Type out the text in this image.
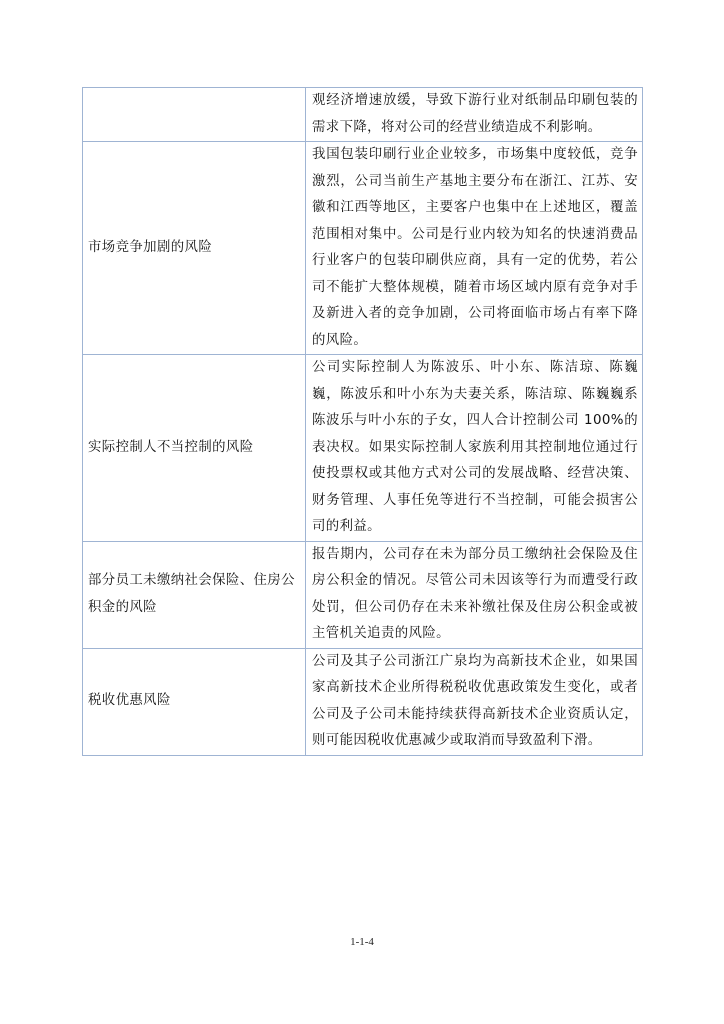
	观经济增速放缓，导致下游行业对纸制品印刷包装的需求下降，将对公司的经营业绩造成不利影响。
市场竞争加剧的风险	我国包装印刷行业企业较多，市场集中度较低，竞争激烈，公司当前生产基地主要分布在浙江、江苏、安徽和江西等地区，主要客户也集中在上述地区，覆盖范围相对集中。公司是行业内较为知名的快速消费品行业客户的包装印刷供应商，具有一定的优势，若公司不能扩大整体规模，随着市场区域内原有竞争对手及新进入者的竞争加剧，公司将面临市场占有率下降的风险。
实际控制人不当控制的风险	公司实际控制人为陈波乐、叶小东、陈洁琼、陈巍巍，陈波乐和叶小东为夫妻关系，陈洁琼、陈巍巍系陈波乐与叶小东的子女，四人合计控制公司 100%的表决权。如果实际控制人家族利用其控制地位通过行使投票权或其他方式对公司的发展战略、经营决策、财务管理、人事任免等进行不当控制，可能会损害公司的利益。
部分员工未缴纳社会保险、住房公积金的风险	报告期内，公司存在未为部分员工缴纳社会保险及住房公积金的情况。尽管公司未因该等行为而遭受行政处罚，但公司仍存在未来补缴社保及住房公积金或被主管机关追责的风险。
税收优惠风险	公司及其子公司浙江广泉均为高新技术企业，如果国家高新技术企业所得税税收优惠政策发生变化，或者公司及子公司未能持续获得高新技术企业资质认定，则可能因税收优惠减少或取消而导致盈利下滑。
1-1-4
